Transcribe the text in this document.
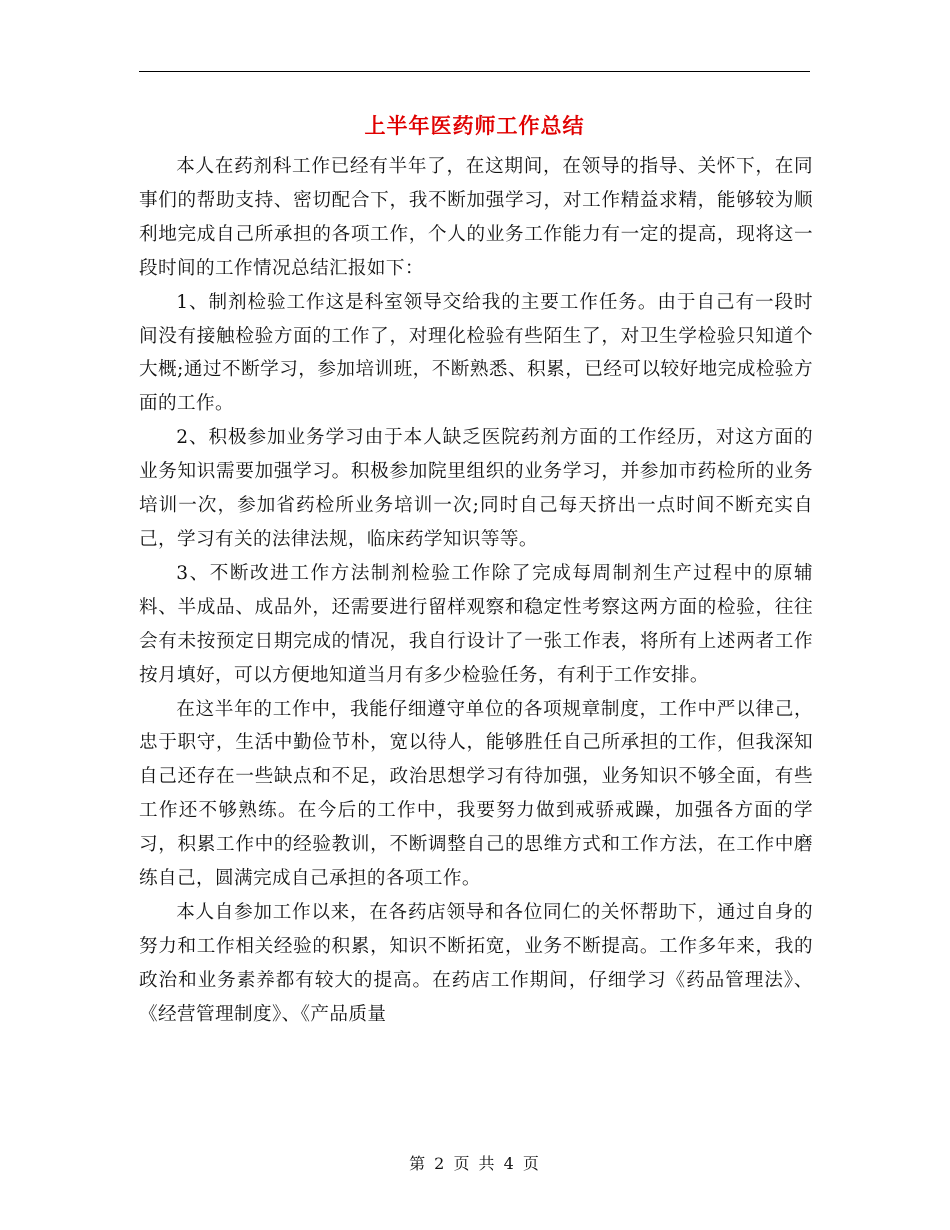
上半年医药师工作总结

本人在药剂科工作已经有半年了，在这期间，在领导的指导、关怀下，在同事们的帮助支持、密切配合下，我不断加强学习，对工作精益求精，能够较为顺利地完成自己所承担的各项工作，个人的业务工作能力有一定的提高，现将这一段时间的工作情况总结汇报如下：

1、制剂检验工作这是科室领导交给我的主要工作任务。由于自己有一段时间没有接触检验方面的工作了，对理化检验有些陌生了，对卫生学检验只知道个大概;通过不断学习，参加培训班，不断熟悉、积累，已经可以较好地完成检验方面的工作。

2、积极参加业务学习由于本人缺乏医院药剂方面的工作经历，对这方面的业务知识需要加强学习。积极参加院里组织的业务学习，并参加市药检所的业务培训一次，参加省药检所业务培训一次;同时自己每天挤出一点时间不断充实自己，学习有关的法律法规，临床药学知识等等。

3、不断改进工作方法制剂检验工作除了完成每周制剂生产过程中的原辅料、半成品、成品外，还需要进行留样观察和稳定性考察这两方面的检验，往往会有未按预定日期完成的情况，我自行设计了一张工作表，将所有上述两者工作按月填好，可以方便地知道当月有多少检验任务，有利于工作安排。

在这半年的工作中，我能仔细遵守单位的各项规章制度，工作中严以律己，忠于职守，生活中勤俭节朴，宽以待人，能够胜任自己所承担的工作，但我深知自己还存在一些缺点和不足，政治思想学习有待加强，业务知识不够全面，有些工作还不够熟练。在今后的工作中，我要努力做到戒骄戒躁，加强各方面的学习，积累工作中的经验教训，不断调整自己的思维方式和工作方法，在工作中磨练自己，圆满完成自己承担的各项工作。

本人自参加工作以来，在各药店领导和各位同仁的关怀帮助下，通过自身的努力和工作相关经验的积累，知识不断拓宽，业务不断提高。工作多年来，我的政治和业务素养都有较大的提高。在药店工作期间，仔细学习《药品管理法》、《经营管理制度》、《产品质量

第 2 页 共 4 页
